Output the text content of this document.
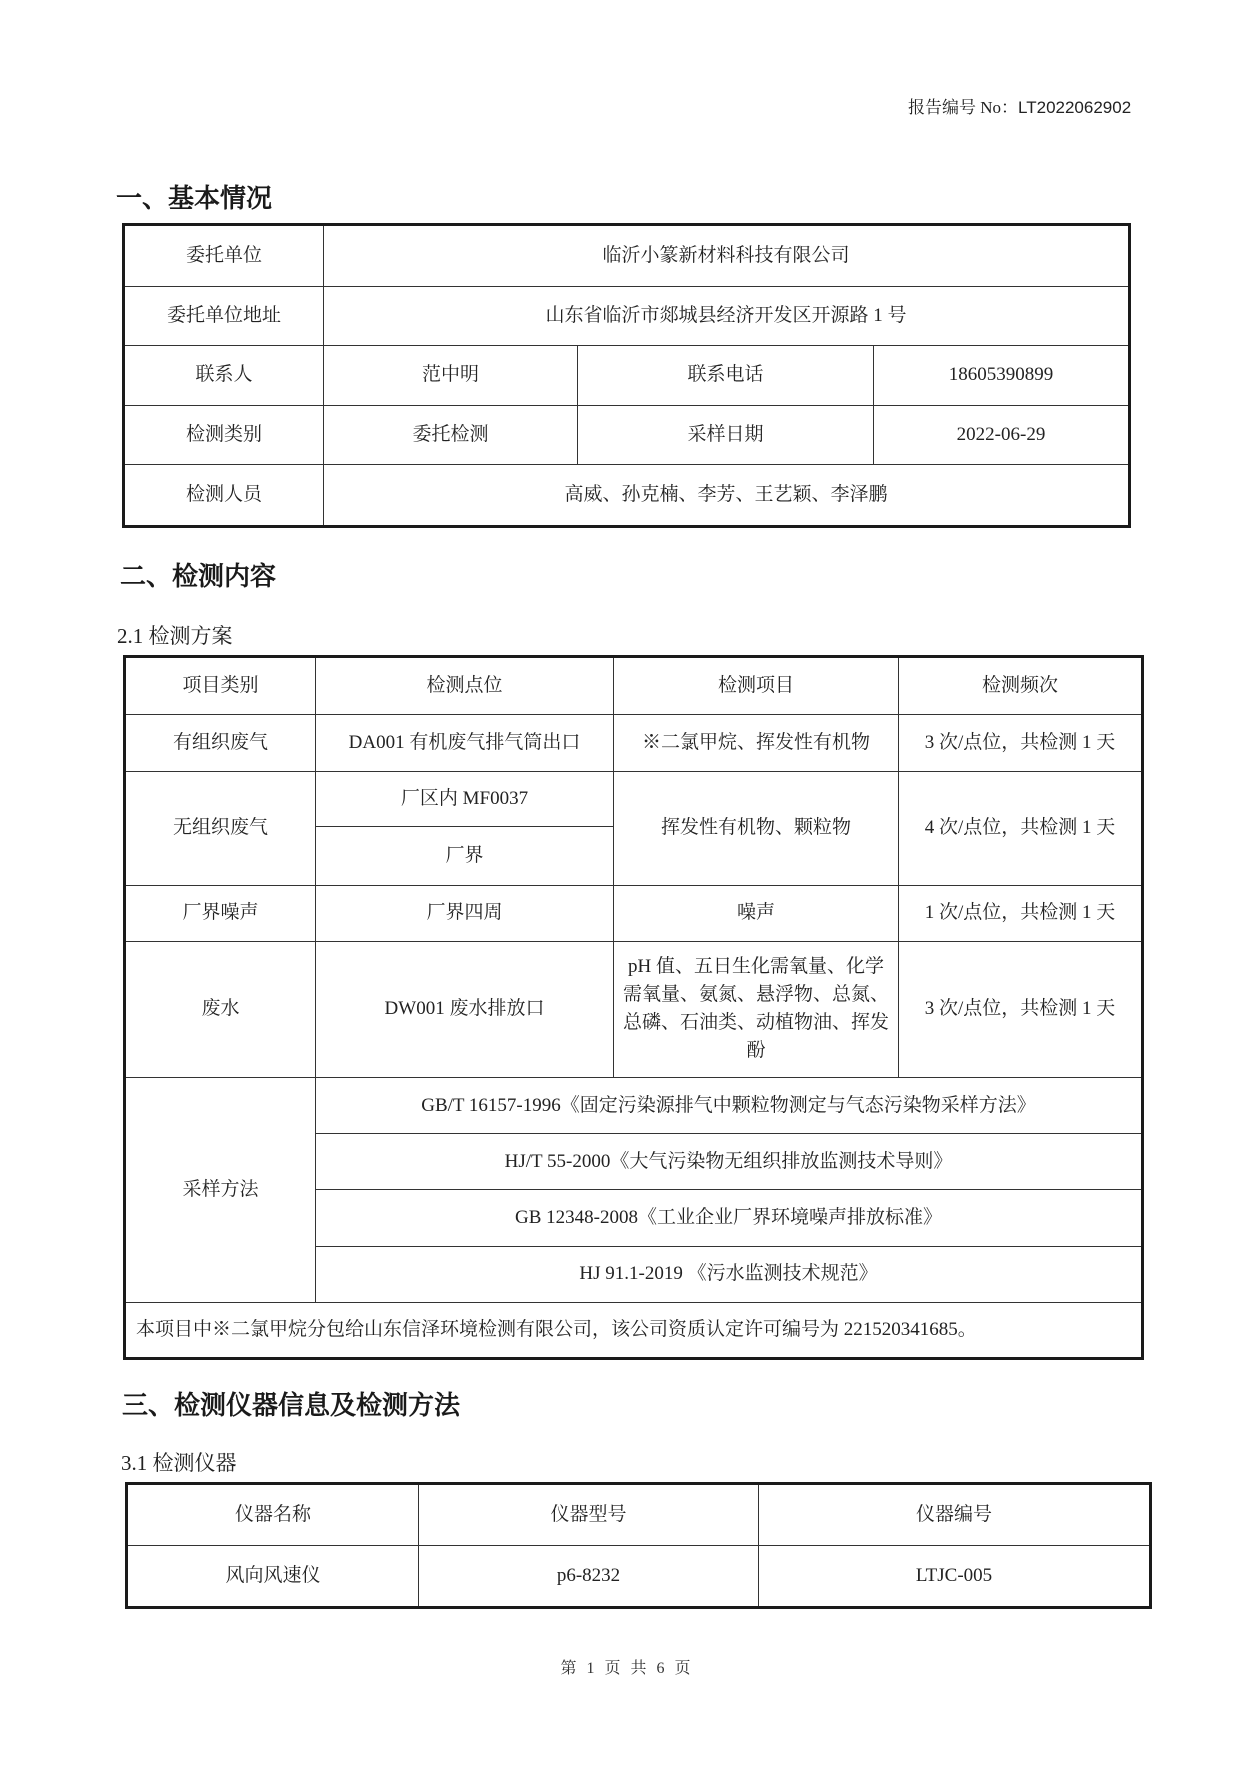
报告编号 No：LT2022062902
一、基本情况
委托单位	临沂小篆新材料科技有限公司		
委托单位地址	山东省临沂市郯城县经济开发区开源路 1 号		
联系人	范中明	联系电话	18605390899
检测类别	委托检测	采样日期	2022-06-29
检测人员	高威、孙克楠、李芳、王艺颖、李泽鹏		
二、检测内容
2.1 检测方案
项目类别	检测点位	检测项目	检测频次
有组织废气	DA001 有机废气排气筒出口	※二氯甲烷、挥发性有机物	3 次/点位，共检测 1 天
无组织废气	厂区内 MF0037	挥发性有机物、颗粒物	4 次/点位，共检测 1 天
	厂界		
厂界噪声	厂界四周	噪声	1 次/点位，共检测 1 天
废水	DW001 废水排放口	pH 值、五日生化需氧量、化学需氧量、氨氮、悬浮物、总氮、总磷、石油类、动植物油、挥发酚	3 次/点位，共检测 1 天
采样方法	GB/T 16157-1996《固定污染源排气中颗粒物测定与气态污染物采样方法》		
	HJ/T 55-2000《大气污染物无组织排放监测技术导则》		
	GB 12348-2008《工业企业厂界环境噪声排放标准》		
	HJ 91.1-2019 《污水监测技术规范》		
本项目中※二氯甲烷分包给山东信泽环境检测有限公司，该公司资质认定许可编号为 221520341685。			
三、检测仪器信息及检测方法
3.1 检测仪器
仪器名称	仪器型号	仪器编号
风向风速仪	p6-8232	LTJC-005
第 1 页 共 6 页
